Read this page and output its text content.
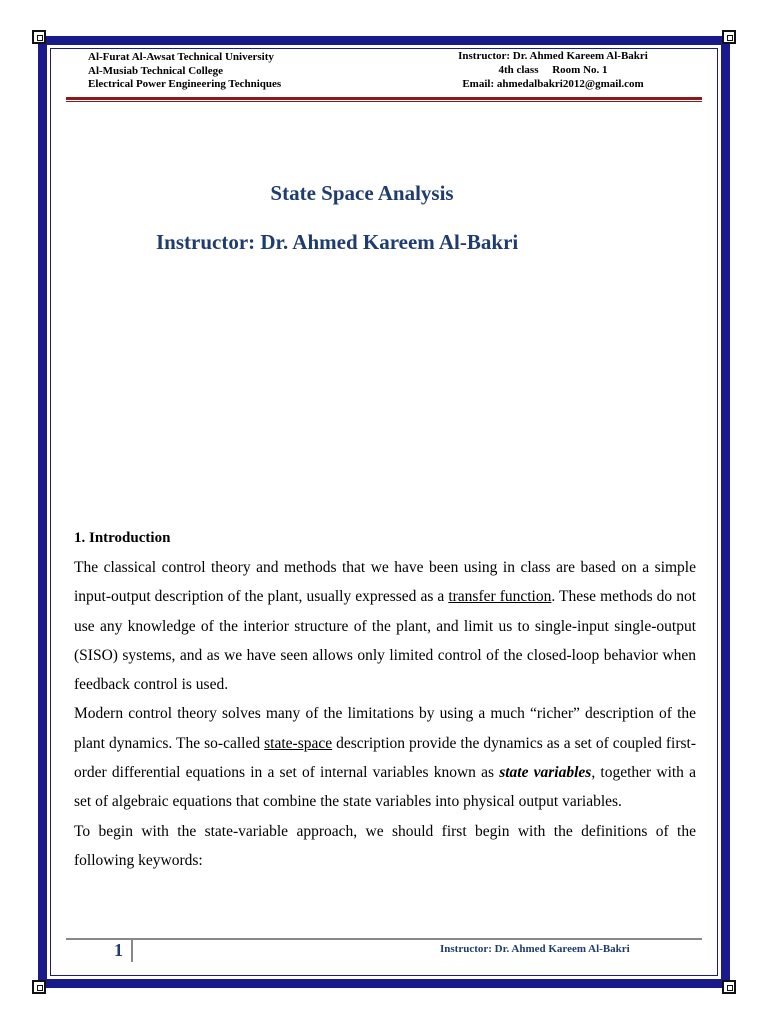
Al-Furat Al-Awsat Technical University
Al-Musiab Technical College
Electrical Power Engineering Techniques
Instructor: Dr. Ahmed Kareem Al-Bakri
4th class     Room No. 1
Email: ahmedalbakri2012@gmail.com
State Space Analysis
Instructor: Dr. Ahmed Kareem Al-Bakri
1. Introduction

The classical control theory and methods that we have been using in class are based on a simple input-output description of the plant, usually expressed as a transfer function. These methods do not use any knowledge of the interior structure of the plant, and limit us to single-input single-output (SISO) systems, and as we have seen allows only limited control of the closed-loop behavior when feedback control is used.

Modern control theory solves many of the limitations by using a much “richer” description of the plant dynamics. The so-called state-space description provide the dynamics as a set of coupled first-order differential equations in a set of internal variables known as state variables, together with a set of algebraic equations that combine the state variables into physical output variables.

To begin with the state-variable approach, we should first begin with the definitions of the following keywords:

1	Instructor: Dr. Ahmed Kareem Al-Bakri
